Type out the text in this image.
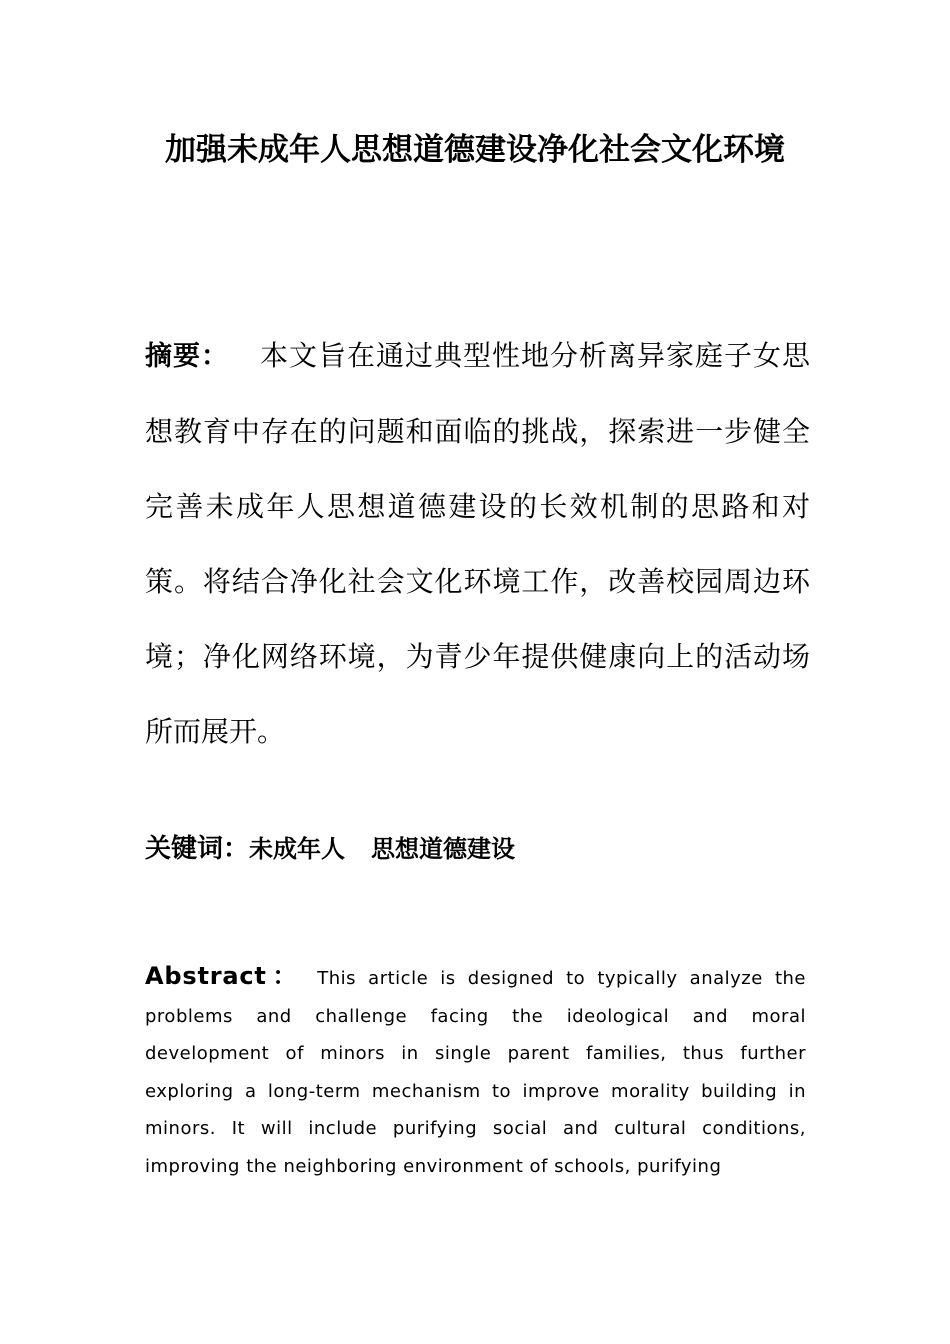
加强未成年人思想道德建设净化社会文化环境
摘要： 本文旨在通过典型性地分析离异家庭子女思想教育中存在的问题和面临的挑战，探索进一步健全完善未成年人思想道德建设的长效机制的思路和对策。将结合净化社会文化环境工作，改善校园周边环境；净化网络环境，为青少年提供健康向上的活动场所而展开。
关键词：未成年人 思想道德建设
Abstract： This article is designed to typically analyze the problems and challenge facing the ideological and moral development of minors in single parent families, thus further exploring a long-term mechanism to improve morality building in minors. It will include purifying social and cultural conditions, improving the neighboring environment of schools, purifying
